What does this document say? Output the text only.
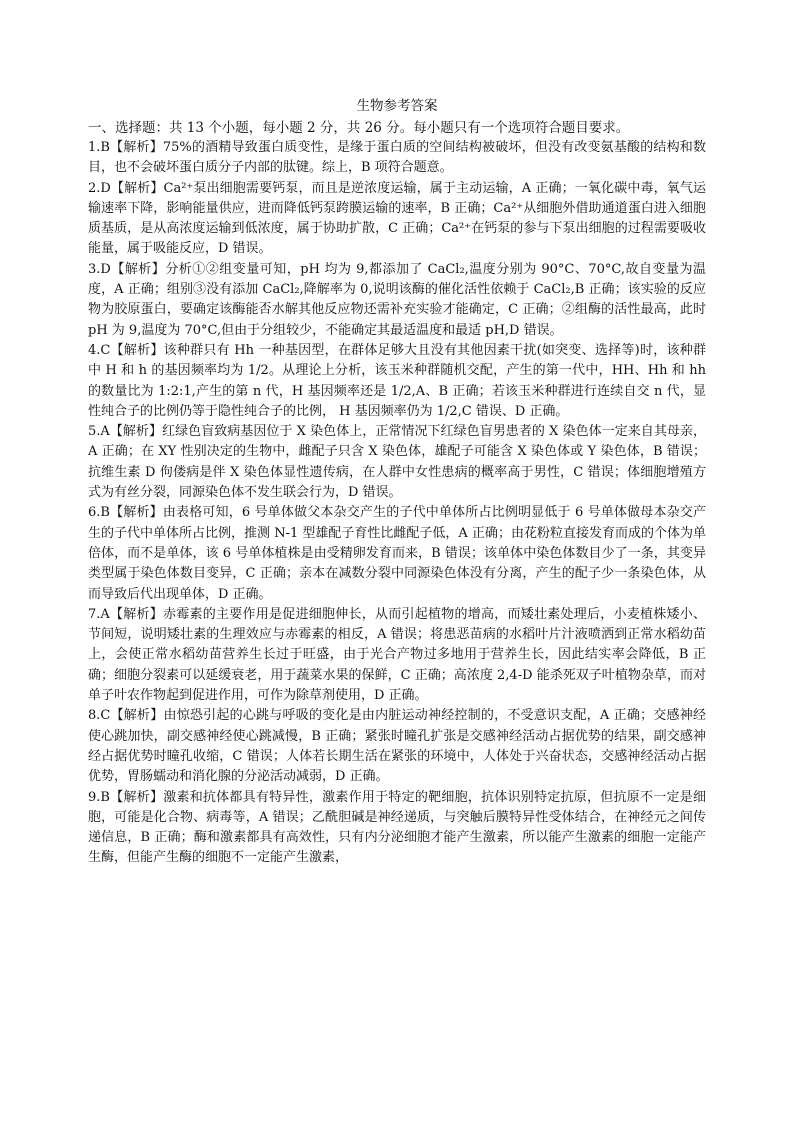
生物参考答案
一、选择题：共 13 个小题，每小题 2 分，共 26 分。每小题只有一个选项符合题目要求。
1.B【解析】75%的酒精导致蛋白质变性，是缘于蛋白质的空间结构被破坏，但没有改变氨基酸的结构和数目，也不会破坏蛋白质分子内部的肽键。综上，B 项符合题意。
2.D【解析】Ca²⁺泵出细胞需要钙泵，而且是逆浓度运输，属于主动运输，A 正确；一氧化碳中毒，氧气运输速率下降，影响能量供应，进而降低钙泵跨膜运输的速率，B 正确；Ca²⁺从细胞外借助通道蛋白进入细胞质基质，是从高浓度运输到低浓度，属于协助扩散，C 正确；Ca²⁺在钙泵的参与下泵出细胞的过程需要吸收能量，属于吸能反应，D 错误。
3.D【解析】分析①②组变量可知，pH 均为 9,都添加了 CaCl₂,温度分别为 90°C、70°C,故自变量为温度，A 正确；组别③没有添加 CaCl₂,降解率为 0,说明该酶的催化活性依赖于 CaCl₂,B 正确；该实验的反应物为胶原蛋白，要确定该酶能否水解其他反应物还需补充实验才能确定，C 正确；②组酶的活性最高，此时 pH 为 9,温度为 70°C,但由于分组较少，不能确定其最适温度和最适 pH,D 错误。
4.C【解析】该种群只有 Hh 一种基因型，在群体足够大且没有其他因素干扰(如突变、选择等)时，该种群中 H 和 h 的基因频率均为 1/2。从理论上分析，该玉米种群随机交配，产生的第一代中，HH、Hh 和 hh 的数量比为 1:2:1,产生的第 n 代，H 基因频率还是 1/2,A、B 正确；若该玉米种群进行连续自交 n 代，显性纯合子的比例仍等于隐性纯合子的比例， H 基因频率仍为 1/2,C 错误、D 正确。
5.A【解析】红绿色盲致病基因位于 X 染色体上，正常情况下红绿色盲男患者的 X 染色体一定来自其母亲，A 正确；在 XY 性别决定的生物中，雌配子只含 X 染色体，雄配子可能含 X 染色体或 Y 染色体，B 错误；抗维生素 D 佝偻病是伴 X 染色体显性遗传病，在人群中女性患病的概率高于男性，C 错误；体细胞增殖方式为有丝分裂，同源染色体不发生联会行为，D 错误。
6.B【解析】由表格可知，6 号单体做父本杂交产生的子代中单体所占比例明显低于 6 号单体做母本杂交产生的子代中单体所占比例，推测 N-1 型雄配子育性比雌配子低，A 正确；由花粉粒直接发育而成的个体为单倍体，而不是单体，该 6 号单体植株是由受精卵发育而来，B 错误；该单体中染色体数目少了一条，其变异类型属于染色体数目变异，C 正确；亲本在减数分裂中同源染色体没有分离，产生的配子少一条染色体，从而导致后代出现单体，D 正确。
7.A【解析】赤霉素的主要作用是促进细胞伸长，从而引起植物的增高，而矮壮素处理后，小麦植株矮小、节间短，说明矮壮素的生理效应与赤霉素的相反，A 错误；将患恶苗病的水稻叶片汁液喷洒到正常水稻幼苗上，会使正常水稻幼苗营养生长过于旺盛，由于光合产物过多地用于营养生长，因此结实率会降低，B 正确；细胞分裂素可以延缓衰老，用于蔬菜水果的保鲜，C 正确；高浓度 2,4-D 能杀死双子叶植物杂草，而对单子叶农作物起到促进作用，可作为除草剂使用，D 正确。
8.C【解析】由惊恐引起的心跳与呼吸的变化是由内脏运动神经控制的，不受意识支配，A 正确；交感神经使心跳加快，副交感神经使心跳减慢，B 正确；紧张时瞳孔扩张是交感神经活动占据优势的结果，副交感神经占据优势时瞳孔收缩，C 错误；人体若长期生活在紧张的环境中，人体处于兴奋状态，交感神经活动占据优势，胃肠蠕动和消化腺的分泌活动减弱，D 正确。
9.B【解析】激素和抗体都具有特异性，激素作用于特定的靶细胞，抗体识别特定抗原，但抗原不一定是细胞，可能是化合物、病毒等，A 错误；乙酰胆碱是神经递质，与突触后膜特异性受体结合，在神经元之间传递信息，B 正确；酶和激素都具有高效性，只有内分泌细胞才能产生激素，所以能产生激素的细胞一定能产生酶，但能产生酶的细胞不一定能产生激素，
